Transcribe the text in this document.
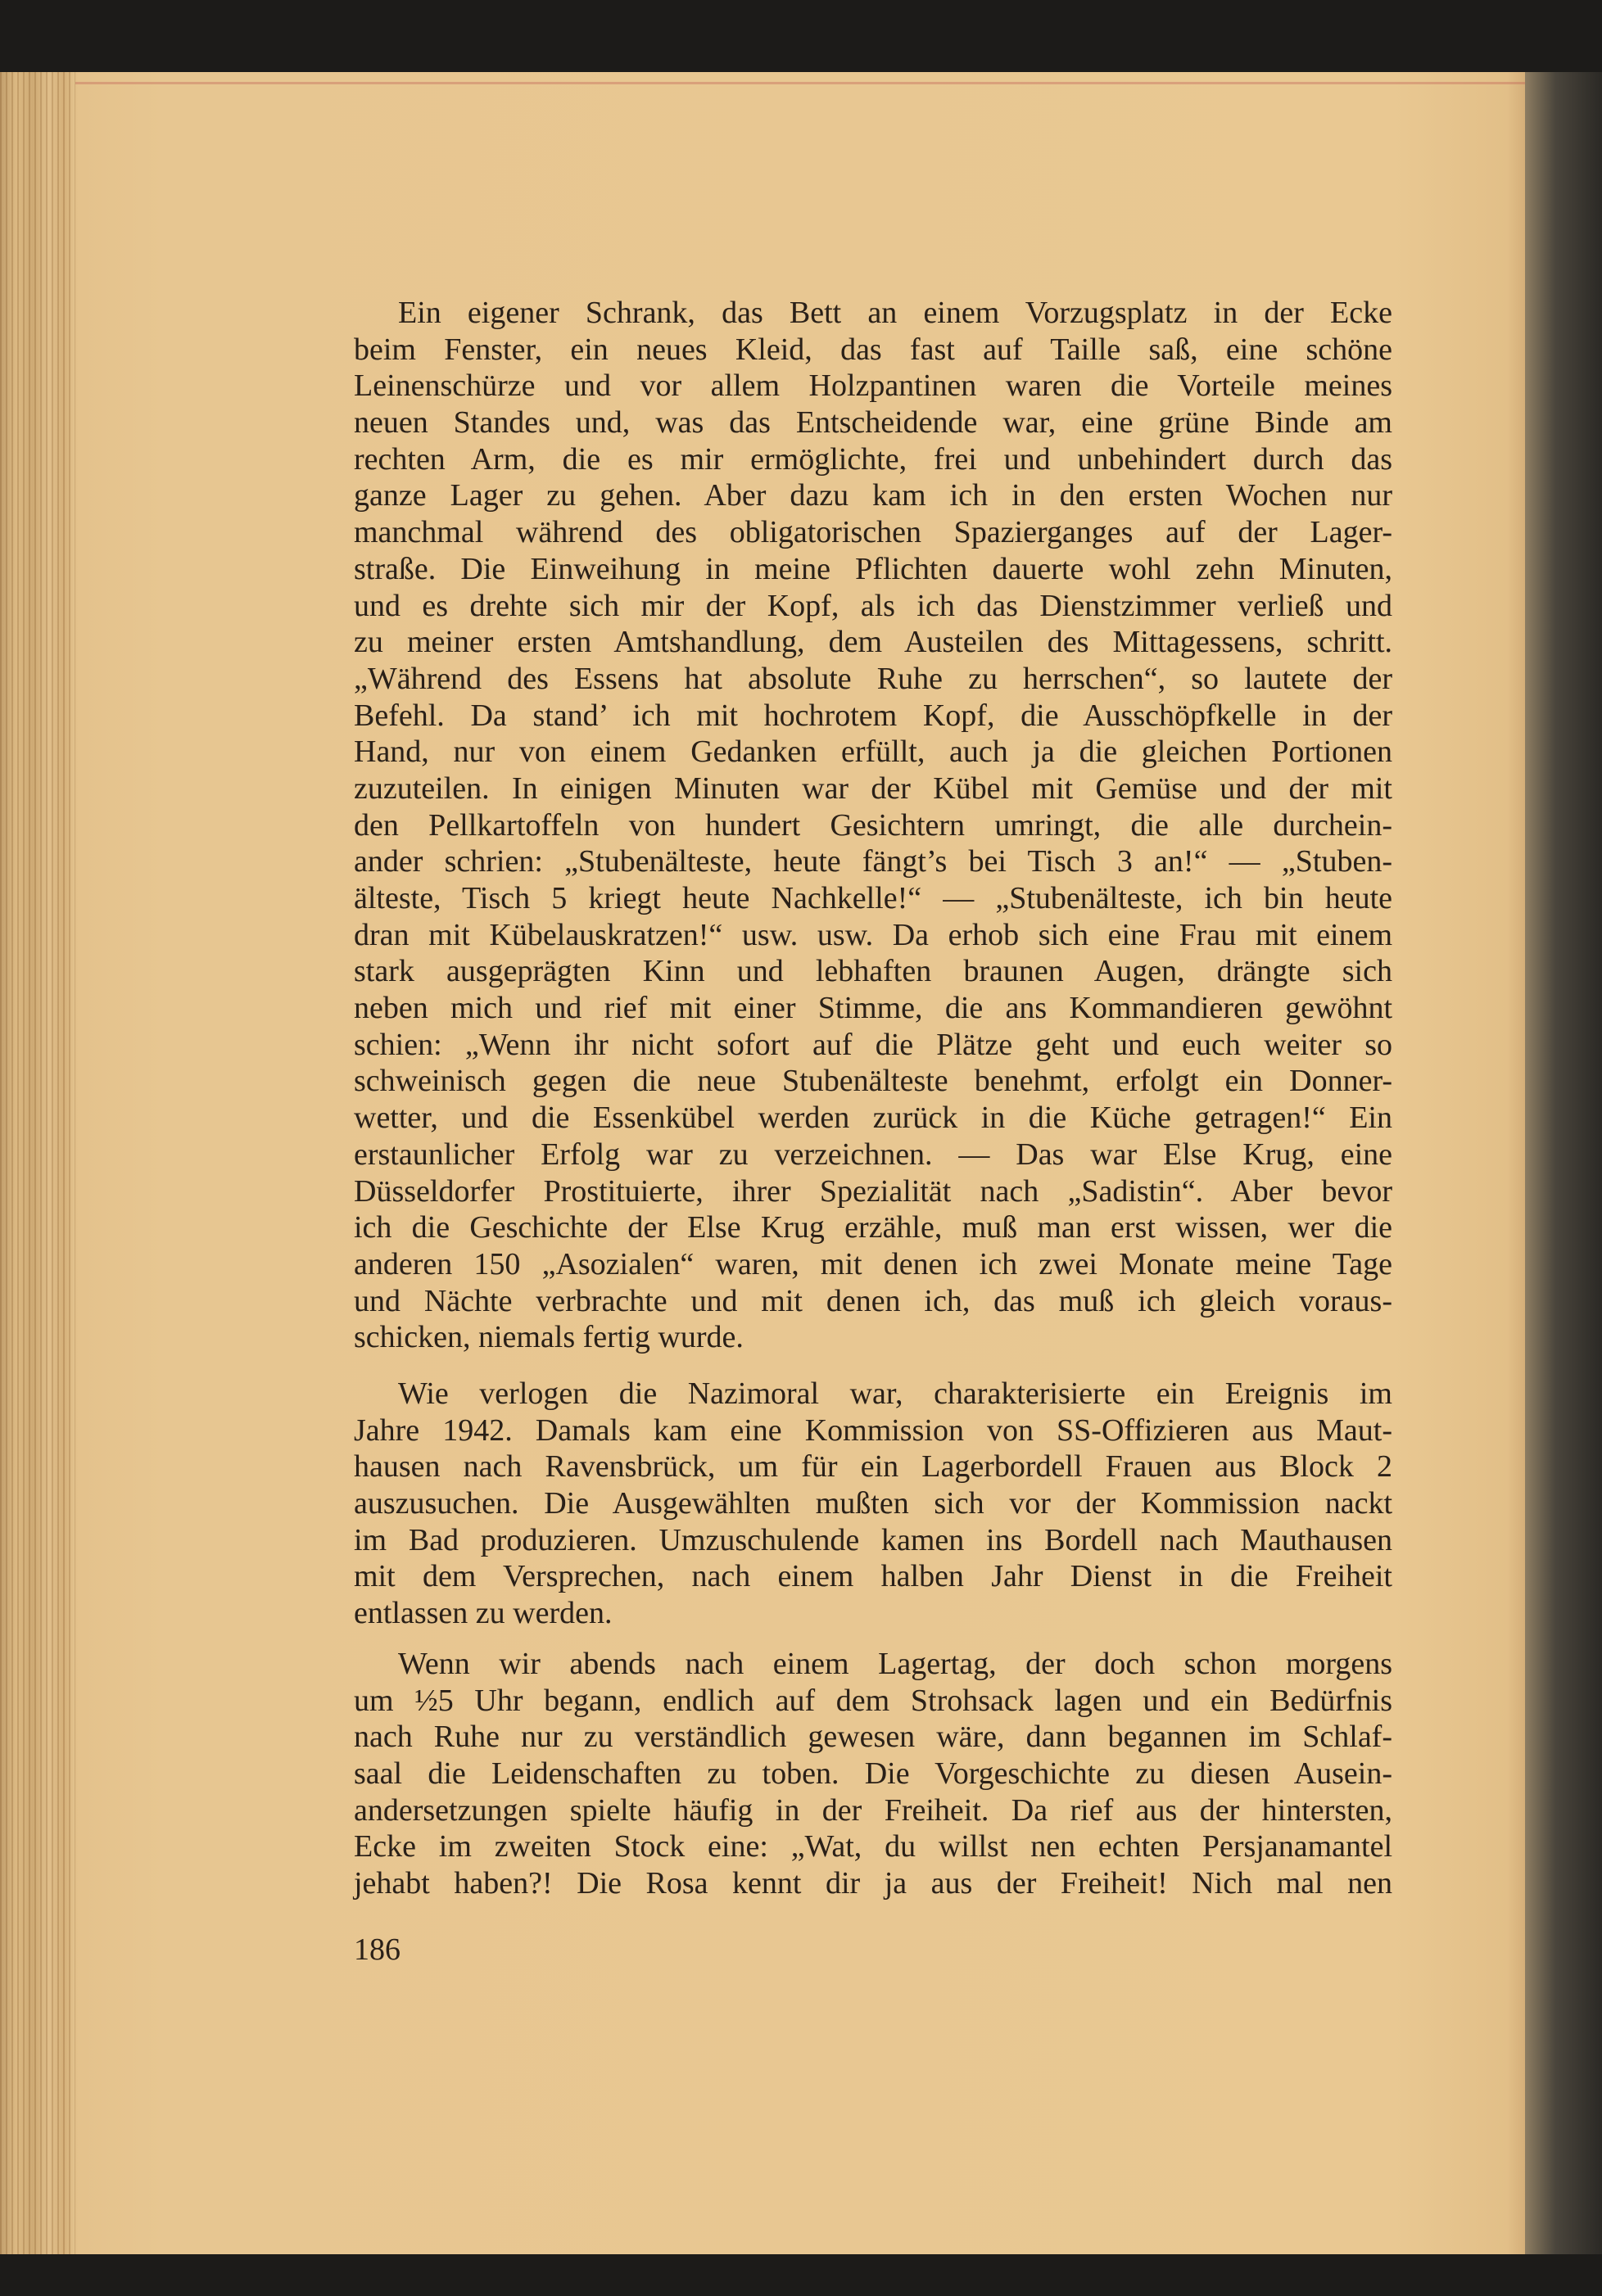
Ein eigener Schrank, das Bett an einem Vorzugsplatz in der Ecke
beim Fenster, ein neues Kleid, das fast auf Taille saß, eine schöne
Leinenschürze und vor allem Holzpantinen waren die Vorteile meines
neuen Standes und, was das Entscheidende war, eine grüne Binde am
rechten Arm, die es mir ermöglichte, frei und unbehindert durch das
ganze Lager zu gehen. Aber dazu kam ich in den ersten Wochen nur
manchmal während des obligatorischen Spazierganges auf der Lager-
straße. Die Einweihung in meine Pflichten dauerte wohl zehn Minuten,
und es drehte sich mir der Kopf, als ich das Dienstzimmer verließ und
zu meiner ersten Amtshandlung, dem Austeilen des Mittagessens, schritt.
„Während des Essens hat absolute Ruhe zu herrschen“, so lautete der
Befehl. Da stand’ ich mit hochrotem Kopf, die Ausschöpfkelle in der
Hand, nur von einem Gedanken erfüllt, auch ja die gleichen Portionen
zuzuteilen. In einigen Minuten war der Kübel mit Gemüse und der mit
den Pellkartoffeln von hundert Gesichtern umringt, die alle durchein-
ander schrien: „Stubenälteste, heute fängt’s bei Tisch 3 an!“ — „Stuben-
älteste, Tisch 5 kriegt heute Nachkelle!“ — „Stubenälteste, ich bin heute
dran mit Kübelauskratzen!“ usw. usw. Da erhob sich eine Frau mit einem
stark ausgeprägten Kinn und lebhaften braunen Augen, drängte sich
neben mich und rief mit einer Stimme, die ans Kommandieren gewöhnt
schien: „Wenn ihr nicht sofort auf die Plätze geht und euch weiter so
schweinisch gegen die neue Stubenälteste benehmt, erfolgt ein Donner-
wetter, und die Essenkübel werden zurück in die Küche getragen!“ Ein
erstaunlicher Erfolg war zu verzeichnen. — Das war Else Krug, eine
Düsseldorfer Prostituierte, ihrer Spezialität nach „Sadistin“. Aber bevor
ich die Geschichte der Else Krug erzähle, muß man erst wissen, wer die
anderen 150 „Asozialen“ waren, mit denen ich zwei Monate meine Tage
und Nächte verbrachte und mit denen ich, das muß ich gleich voraus-
schicken, niemals fertig wurde.
Wie verlogen die Nazimoral war, charakterisierte ein Ereignis im
Jahre 1942. Damals kam eine Kommission von SS-Offizieren aus Maut-
hausen nach Ravensbrück, um für ein Lagerbordell Frauen aus Block 2
auszusuchen. Die Ausgewählten mußten sich vor der Kommission nackt
im Bad produzieren. Umzuschulende kamen ins Bordell nach Mauthausen
mit dem Versprechen, nach einem halben Jahr Dienst in die Freiheit
entlassen zu werden.
Wenn wir abends nach einem Lagertag, der doch schon morgens
um ½5 Uhr begann, endlich auf dem Strohsack lagen und ein Bedürfnis
nach Ruhe nur zu verständlich gewesen wäre, dann begannen im Schlaf-
saal die Leidenschaften zu toben. Die Vorgeschichte zu diesen Ausein-
andersetzungen spielte häufig in der Freiheit. Da rief aus der hintersten,
Ecke im zweiten Stock eine: „Wat, du willst nen echten Persjanamantel
jehabt haben?! Die Rosa kennt dir ja aus der Freiheit! Nich mal nen
186
